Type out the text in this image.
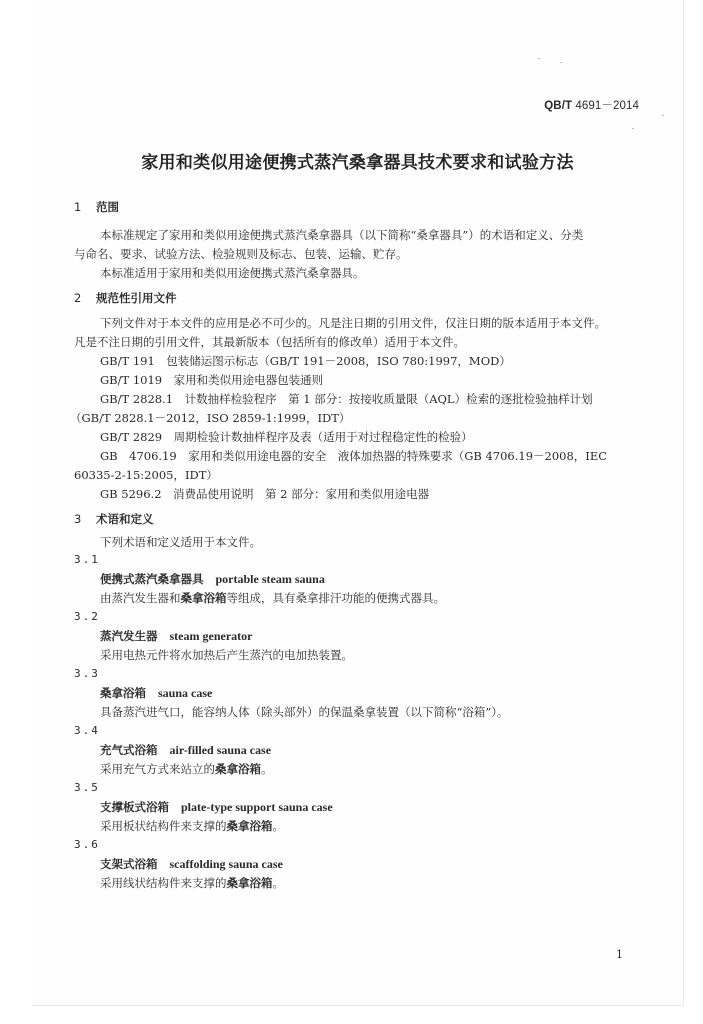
QB/T 4691－2014
家用和类似用途便携式蒸汽桑拿器具技术要求和试验方法
1 范围
本标准规定了家用和类似用途便携式蒸汽桑拿器具（以下简称“桑拿器具”）的术语和定义、分类
与命名、要求、试验方法、检验规则及标志、包装、运输、贮存。
本标准适用于家用和类似用途便携式蒸汽桑拿器具。
2 规范性引用文件
下列文件对于本文件的应用是必不可少的。凡是注日期的引用文件，仅注日期的版本适用于本文件。
凡是不注日期的引用文件，其最新版本（包括所有的修改单）适用于本文件。
GB/T 191　包装储运图示标志（GB/T 191－2008，ISO 780:1997，MOD）
GB/T 1019　家用和类似用途电器包装通则
GB/T 2828.1　计数抽样检验程序　第 1 部分：按接收质量限（AQL）检索的逐批检验抽样计划
（GB/T 2828.1－2012，ISO 2859-1:1999，IDT）
GB/T 2829　周期检验计数抽样程序及表（适用于对过程稳定性的检验）
GB　4706.19　家用和类似用途电器的安全　液体加热器的特殊要求（GB 4706.19－2008，IEC
60335-2-15:2005，IDT）
GB 5296.2　消费品使用说明　第 2 部分：家用和类似用途电器
3 术语和定义
下列术语和定义适用于本文件。
3.1
便携式蒸汽桑拿器具 portable steam sauna
由蒸汽发生器和桑拿浴箱等组成，具有桑拿排汗功能的便携式器具。
3.2
蒸汽发生器 steam generator
采用电热元件将水加热后产生蒸汽的电加热装置。
3.3
桑拿浴箱 sauna case
具备蒸汽进气口，能容纳人体（除头部外）的保温桑拿装置（以下简称“浴箱”）。
3.4
充气式浴箱 air-filled sauna case
采用充气方式来站立的桑拿浴箱。
3.5
支撑板式浴箱 plate-type support sauna case
采用板状结构件来支撑的桑拿浴箱。
3.6
支架式浴箱 scaffolding sauna case
采用线状结构件来支撑的桑拿浴箱。
1
